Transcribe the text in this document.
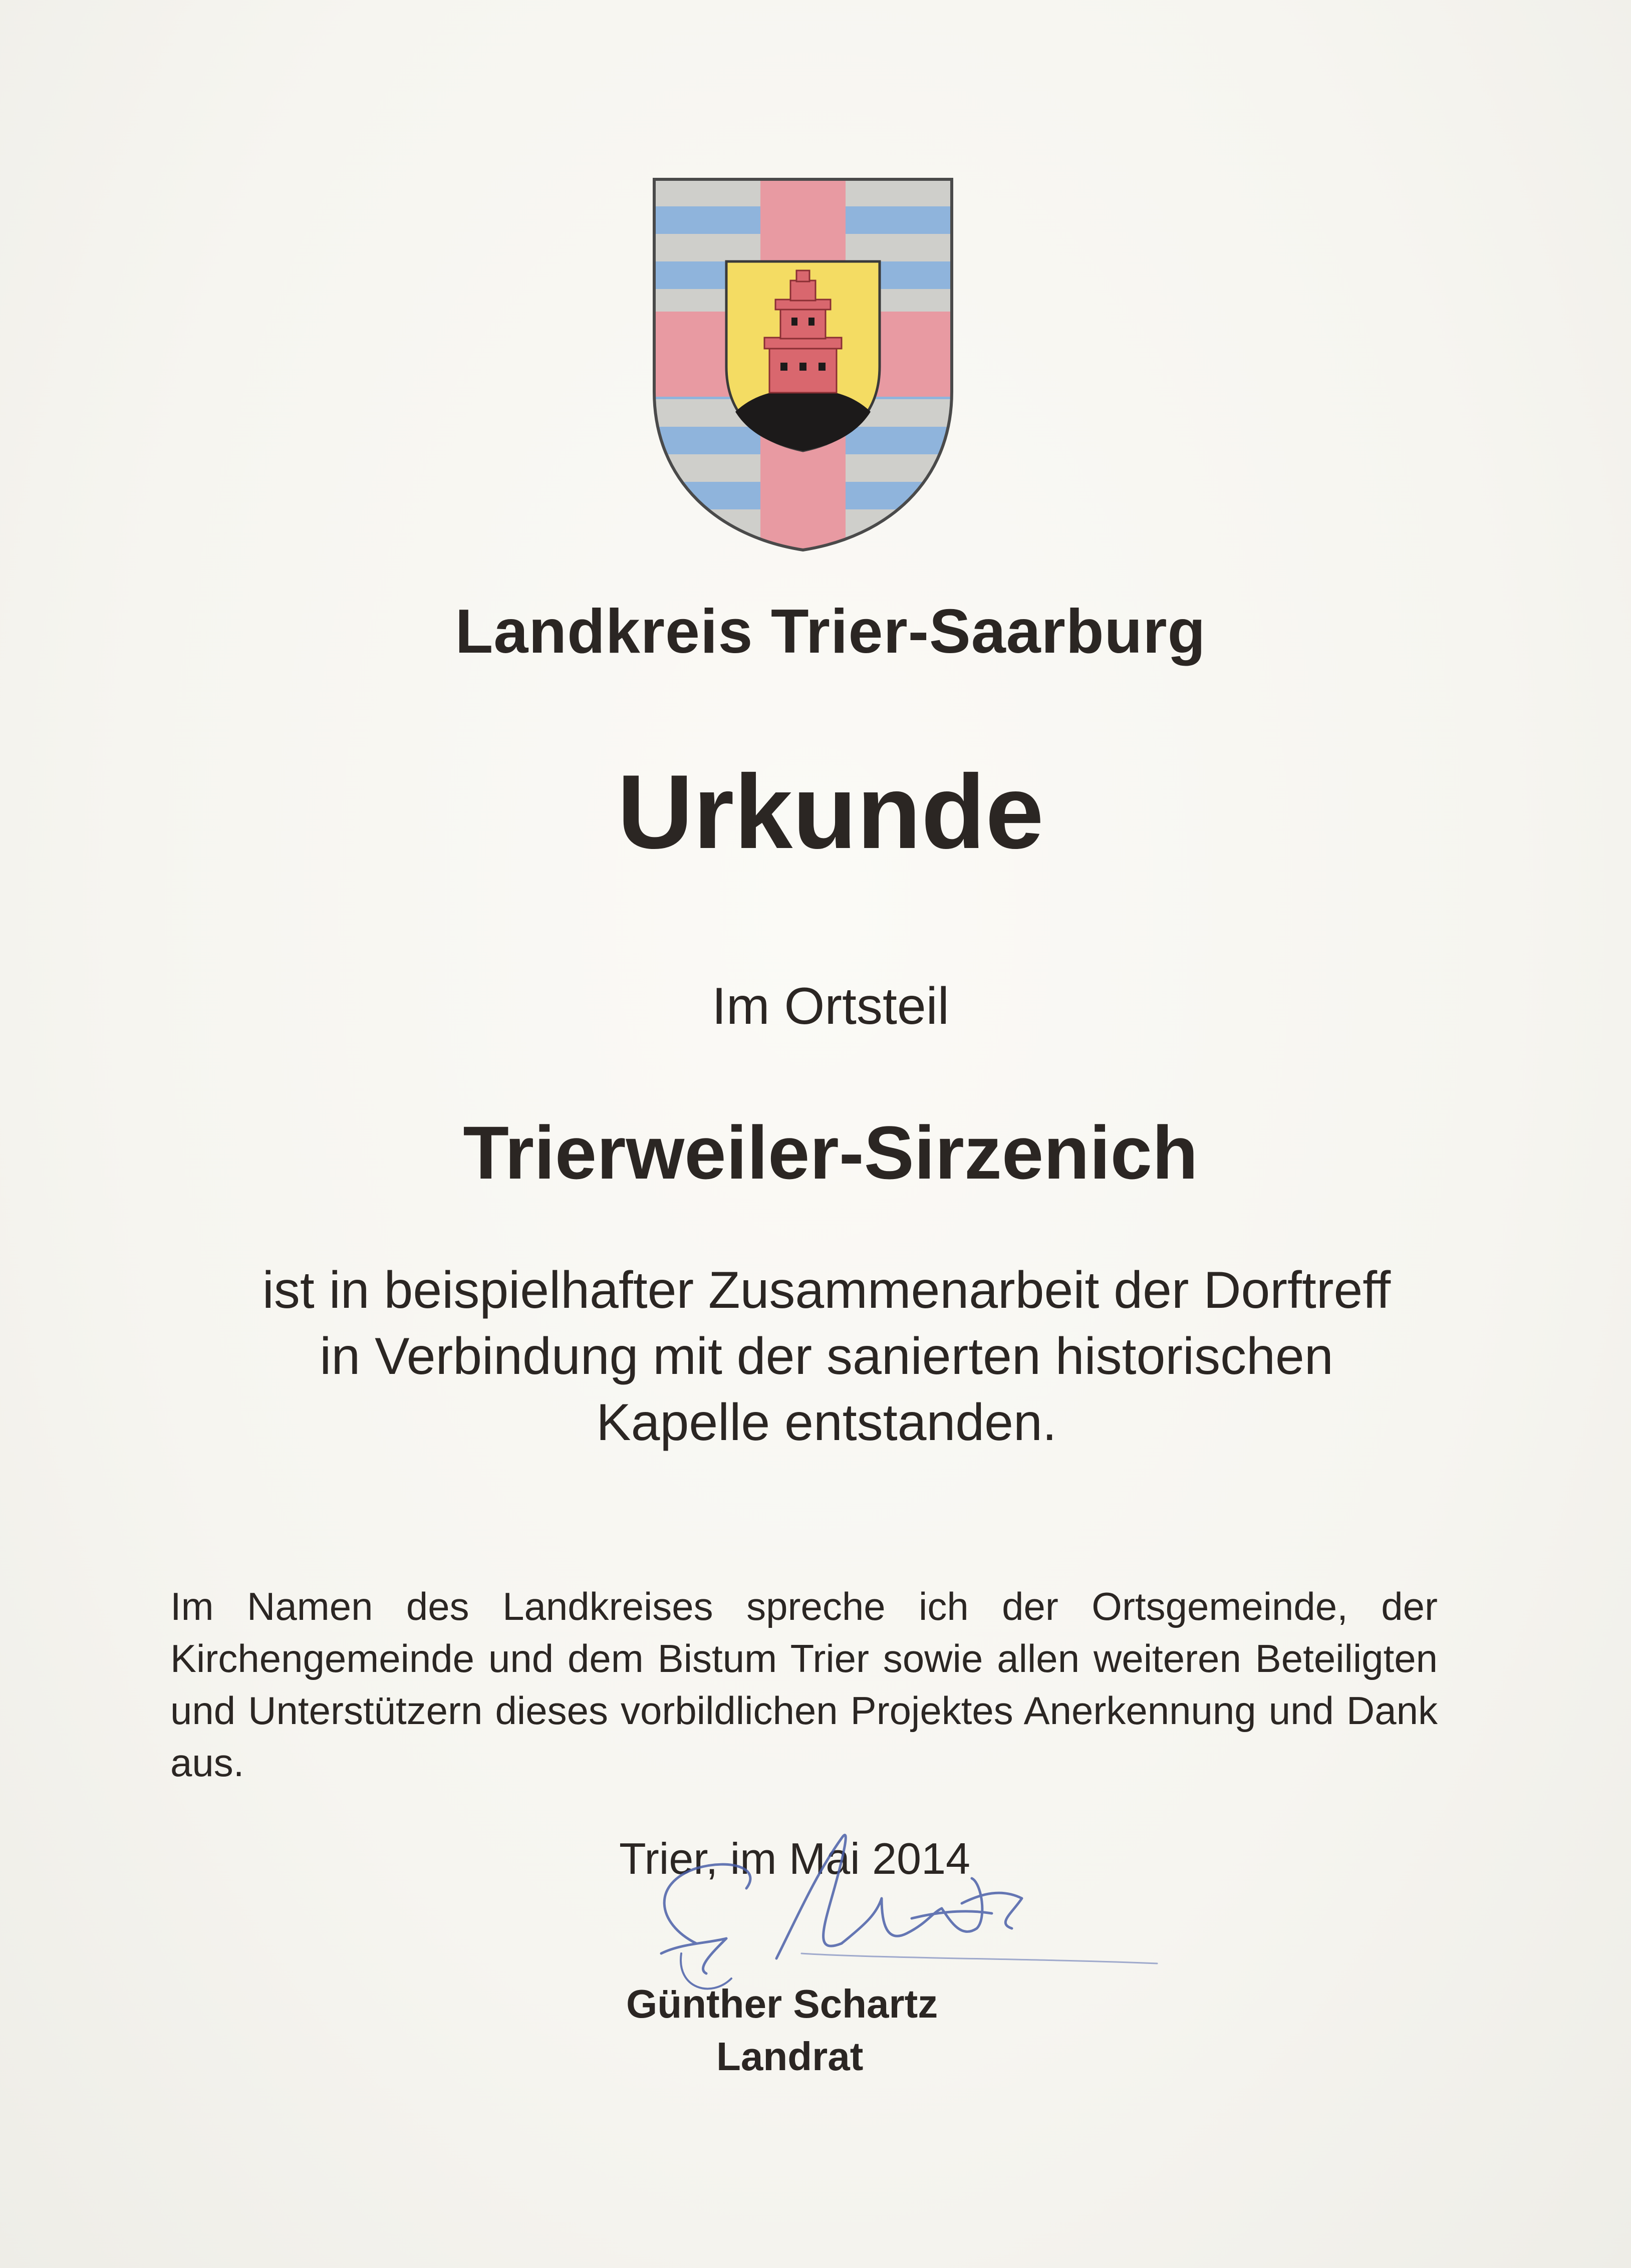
Landkreis Trier-Saarburg

Urkunde

Im Ortsteil

Trierweiler-Sirzenich

ist in beispielhafter Zusammenarbeit der Dorftreff
in Verbindung mit der sanierten historischen
Kapelle entstanden.

Im Namen des Landkreises spreche ich der Ortsgemeinde, der Kirchengemeinde und dem Bistum Trier sowie allen weiteren Beteiligten und Unterstützern dieses vorbildlichen Projektes Anerkennung und Dank aus.

Trier, im Mai 2014

Günther Schartz

Landrat
